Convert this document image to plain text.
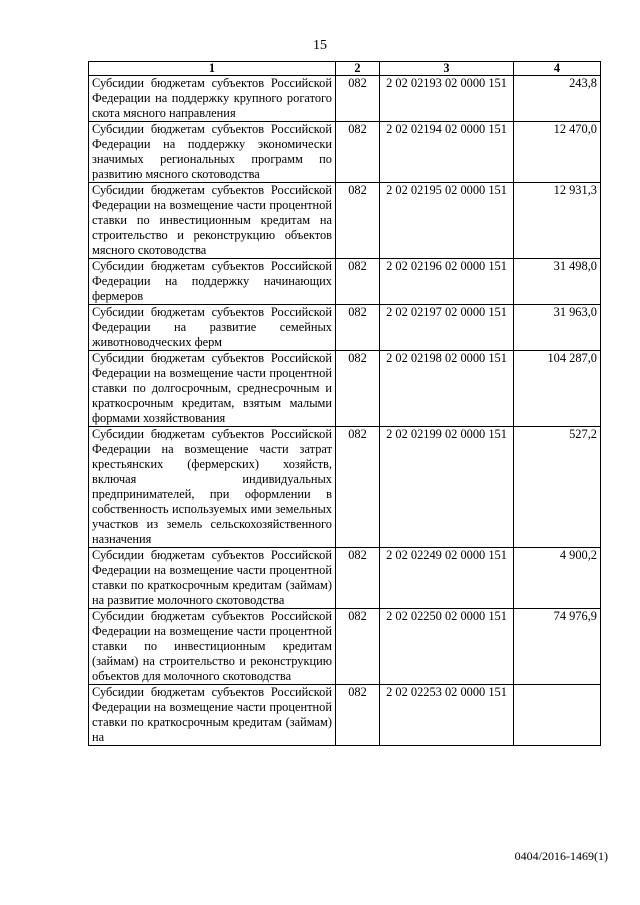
15
1	2	3	4
Субсидии бюджетам субъектов Российской Федерации на поддержку крупного рогатого скота мясного направления	082	2 02 02193 02 0000 151	243,8
Субсидии бюджетам субъектов Российской Федерации на поддержку экономически значимых региональных программ по развитию мясного скотоводства	082	2 02 02194 02 0000 151	12 470,0
Субсидии бюджетам субъектов Российской Федерации на возмещение части процентной ставки по инвестиционным кредитам на строительство и реконструкцию объектов мясного скотоводства	082	2 02 02195 02 0000 151	12 931,3
Субсидии бюджетам субъектов Российской Федерации на поддержку начинающих фермеров	082	2 02 02196 02 0000 151	31 498,0
Субсидии бюджетам субъектов Российской Федерации на развитие семейных животноводческих ферм	082	2 02 02197 02 0000 151	31 963,0
Субсидии бюджетам субъектов Российской Федерации на возмещение части процентной ставки по долгосрочным, среднесрочным и краткосрочным кредитам, взятым малыми формами хозяйствования	082	2 02 02198 02 0000 151	104 287,0
Субсидии бюджетам субъектов Российской Федерации на возмещение части затрат крестьянских (фермерских) хозяйств, включая индивидуальных предпринимателей, при оформлении в собственность используемых ими земельных участков из земель сельскохозяйственного назначения	082	2 02 02199 02 0000 151	527,2
Субсидии бюджетам субъектов Российской Федерации на возмещение части процентной ставки по краткосрочным кредитам (займам) на развитие молочного скотоводства	082	2 02 02249 02 0000 151	4 900,2
Субсидии бюджетам субъектов Российской Федерации на возмещение части процентной ставки по инвестиционным кредитам (займам) на строительство и реконструкцию объектов для молочного скотоводства	082	2 02 02250 02 0000 151	74 976,9
Субсидии бюджетам субъектов Российской Федерации на возмещение части процентной ставки по краткосрочным кредитам (займам) на	082	2 02 02253 02 0000 151	
0404/2016-1469(1)
